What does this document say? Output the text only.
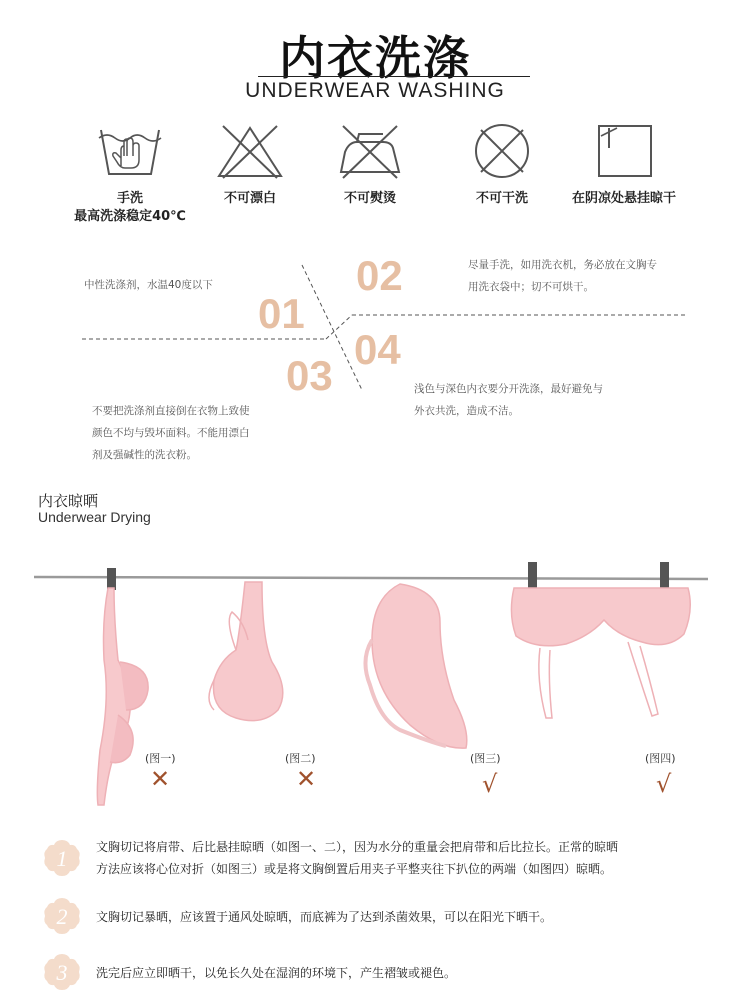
内衣洗涤
UNDERWEAR WASHING
手洗
最高洗涤稳定40℃
不可漂白	不可熨烫	不可干洗	在阴凉处悬挂晾干
01
中性洗涤剂，水温40度以下	02	尽量手洗，如用洗衣机，务必放在文胸专
用洗衣袋中；切不可烘干。
03
不要把洗涤剂直接倒在衣物上致使
颜色不均与毁坏面料。不能用漂白
剂及强碱性的洗衣粉。
04
浅色与深色内衣要分开洗涤，最好避免与
外衣共洗，造成不洁。
内衣晾晒
Underwear Drying
(图一)
✕
(图二)
✕
(图三)
√
(图四)
√
1 文胸切记将肩带、后比悬挂晾晒（如图一、二），因为水分的重量会把肩带和后比拉长。正常的晾晒
方法应该将心位对折（如图三）或是将文胸倒置后用夹子平整夹往下扒位的两端（如图四）晾晒。
2 文胸切记暴晒，应该置于通风处晾晒，而底裤为了达到杀菌效果，可以在阳光下晒干。
3 洗完后应立即晒干，以免长久处在湿润的环境下，产生褶皱或褪色。
